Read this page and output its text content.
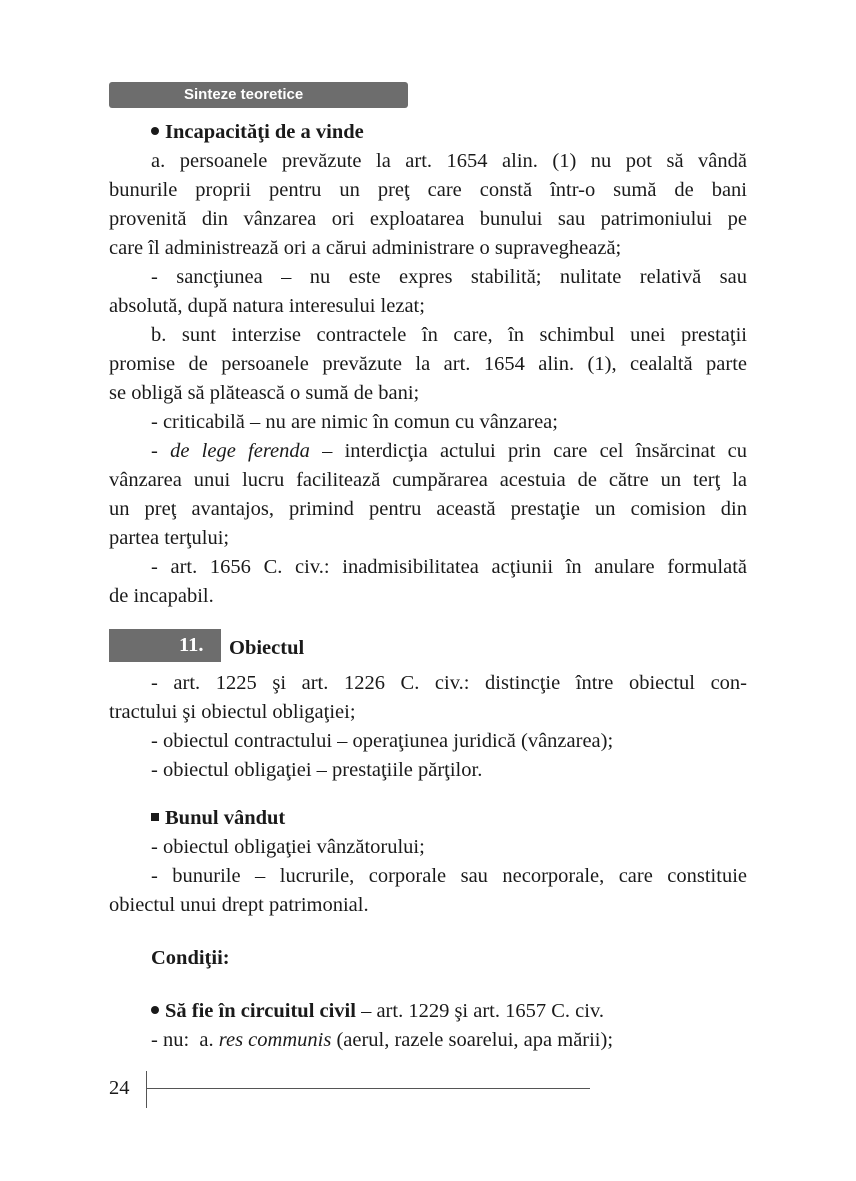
Sinteze teoretice
Incapacităţi de a vinde
a. persoanele prevăzute la art. 1654 alin. (1) nu pot să vândă
bunurile proprii pentru un preţ care constă într-o sumă de bani
provenită din vânzarea ori exploatarea bunului sau patrimoniului pe
care îl administrează ori a cărui administrare o supraveghează;
- sancţiunea – nu este expres stabilită; nulitate relativă sau
absolută, după natura interesului lezat;
b. sunt interzise contractele în care, în schimbul unei prestaţii
promise de persoanele prevăzute la art. 1654 alin. (1), cealaltă parte
se obligă să plătească o sumă de bani;
- criticabilă – nu are nimic în comun cu vânzarea;
- de lege ferenda – interdicţia actului prin care cel însărcinat cu
vânzarea unui lucru facilitează cumpărarea acestuia de către un terţ la
un preţ avantajos, primind pentru această prestaţie un comision din
partea terţului;
- art. 1656 C. civ.: inadmisibilitatea acţiunii în anulare formulată
de incapabil.
11. Obiectul
- art. 1225 şi art. 1226 C. civ.: distincţie între obiectul con-
tractului şi obiectul obligaţiei;
- obiectul contractului – operaţiunea juridică (vânzarea);
- obiectul obligaţiei – prestaţiile părţilor.
Bunul vândut
- obiectul obligaţiei vânzătorului;
- bunurile – lucrurile, corporale sau necorporale, care constituie
obiectul unui drept patrimonial.
Condiţii:
Să fie în circuitul civil – art. 1229 şi art. 1657 C. civ.
- nu:  a. res communis (aerul, razele soarelui, apa mării);
24
